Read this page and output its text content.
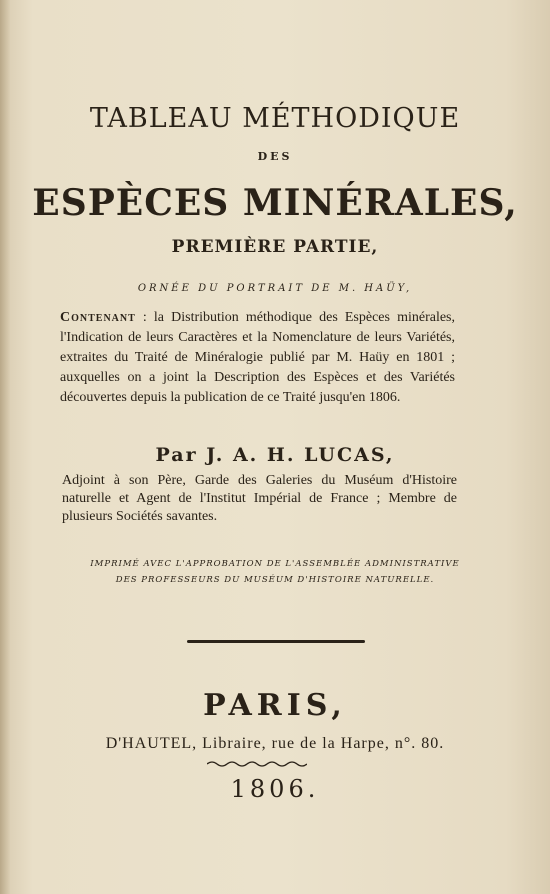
TABLEAU MÉTHODIQUE
DES
ESPÈCES MINÉRALES,
PREMIÈRE PARTIE,
ORNÉE DU PORTRAIT DE M. HAÜY,
Contenant : la Distribution méthodique des Espèces minérales, l'Indication de leurs Caractères et la Nomenclature de leurs Variétés, extraites du Traité de Minéralogie publié par M. Haüy en 1801 ; auxquelles on a joint la Description des Espèces et des Variétés découvertes depuis la publication de ce Traité jusqu'en 1806.
Par J. A. H. LUCAS,
Adjoint à son Père, Garde des Galeries du Muséum d'Histoire naturelle et Agent de l'Institut Impérial de France ; Membre de plusieurs Sociétés savantes.
IMPRIMÉ AVEC L'APPROBATION DE L'ASSEMBLÉE ADMINISTRATIVE
DES PROFESSEURS DU MUSÉUM D'HISTOIRE NATURELLE.
PARIS,
D'HAUTEL, Libraire, rue de la Harpe, n°. 80.
1806.
